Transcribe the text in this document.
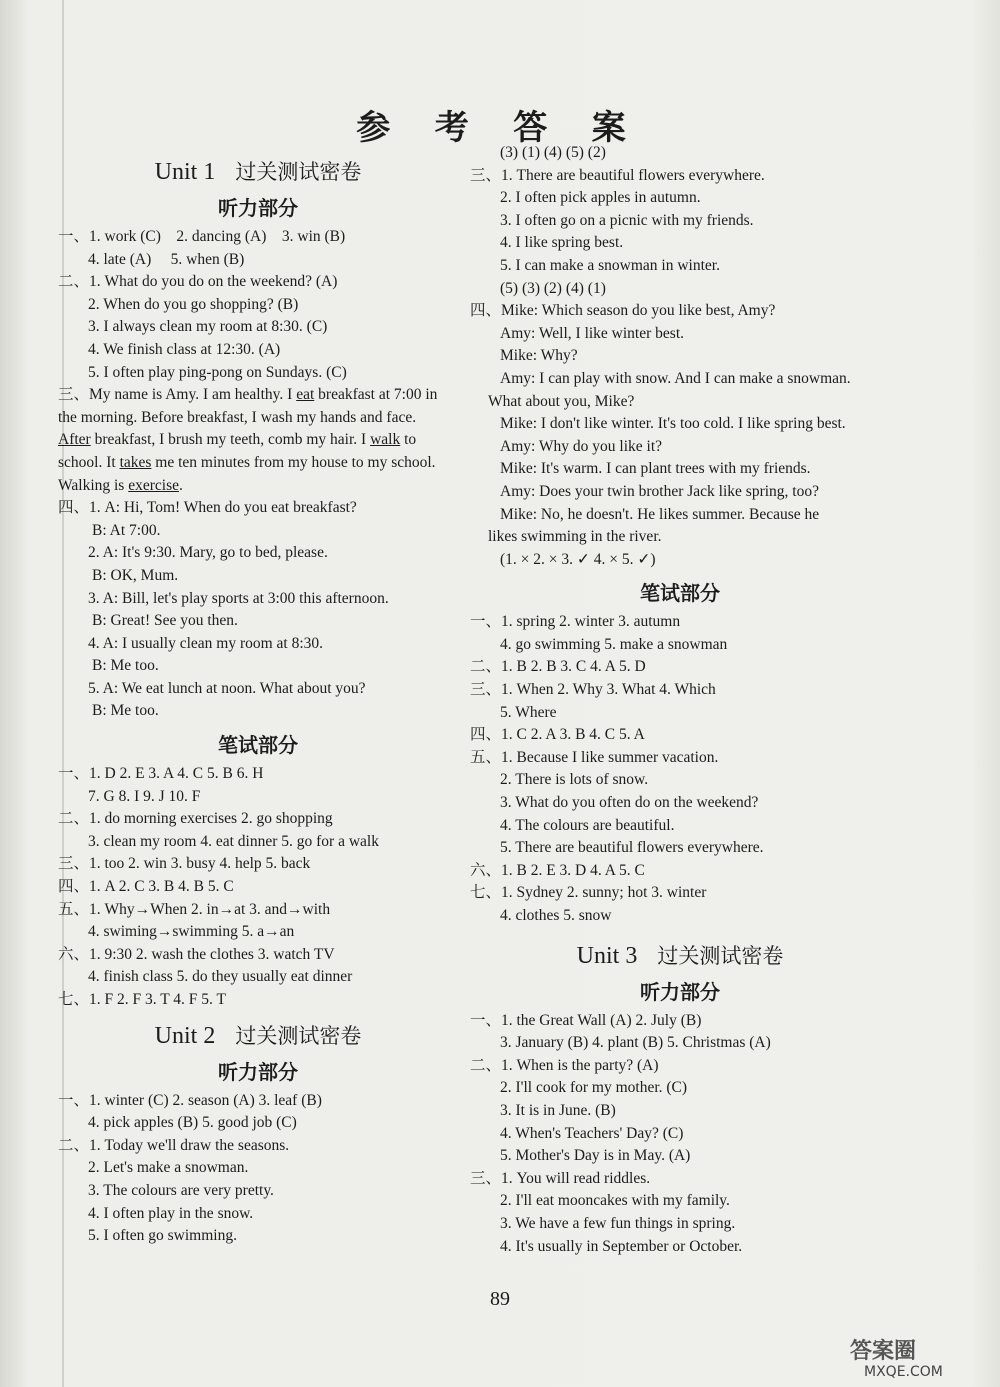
参 考 答 案
Unit 1 过关测试密卷
听力部分
一、1. work (C) 2. dancing (A) 3. win (B)
4. late (A) 5. when (B)
二、1. What do you do on the weekend? (A)
2. When do you go shopping? (B)
3. I always clean my room at 8:30. (C)
4. We finish class at 12:30. (A)
5. I often play ping-pong on Sundays. (C)
三、My name is Amy. I am healthy. I eat breakfast at 7:00 in
the morning. Before breakfast, I wash my hands and face.
After breakfast, I brush my teeth, comb my hair. I walk to
school. It takes me ten minutes from my house to my school.
Walking is exercise.
四、1. A: Hi, Tom! When do you eat breakfast?
B: At 7:00.
2. A: It's 9:30. Mary, go to bed, please.
B: OK, Mum.
3. A: Bill, let's play sports at 3:00 this afternoon.
B: Great! See you then.
4. A: I usually clean my room at 8:30.
B: Me too.
5. A: We eat lunch at noon. What about you?
B: Me too.
笔试部分
一、1. D 2. E 3. A 4. C 5. B 6. H
7. G 8. I 9. J 10. F
二、1. do morning exercises 2. go shopping
3. clean my room 4. eat dinner 5. go for a walk
三、1. too 2. win 3. busy 4. help 5. back
四、1. A 2. C 3. B 4. B 5. C
五、1. Why→When 2. in→at 3. and→with
4. swiming→swimming 5. a→an
六、1. 9:30 2. wash the clothes 3. watch TV
4. finish class 5. do they usually eat dinner
七、1. F 2. F 3. T 4. F 5. T
Unit 2 过关测试密卷
听力部分
一、1. winter (C) 2. season (A) 3. leaf (B)
4. pick apples (B) 5. good job (C)
二、1. Today we'll draw the seasons.
2. Let's make a snowman.
3. The colours are very pretty.
4. I often play in the snow.
5. I often go swimming.
(3) (1) (4) (5) (2)
三、1. There are beautiful flowers everywhere.
2. I often pick apples in autumn.
3. I often go on a picnic with my friends.
4. I like spring best.
5. I can make a snowman in winter.
(5) (3) (2) (4) (1)
四、Mike: Which season do you like best, Amy?
Amy: Well, I like winter best.
Mike: Why?
Amy: I can play with snow. And I can make a snowman.
What about you, Mike?
Mike: I don't like winter. It's too cold. I like spring best.
Amy: Why do you like it?
Mike: It's warm. I can plant trees with my friends.
Amy: Does your twin brother Jack like spring, too?
Mike: No, he doesn't. He likes summer. Because he
likes swimming in the river.
(1. × 2. × 3. ✓ 4. × 5. ✓)
笔试部分
一、1. spring 2. winter 3. autumn
4. go swimming 5. make a snowman
二、1. B 2. B 3. C 4. A 5. D
三、1. When 2. Why 3. What 4. Which
5. Where
四、1. C 2. A 3. B 4. C 5. A
五、1. Because I like summer vacation.
2. There is lots of snow.
3. What do you often do on the weekend?
4. The colours are beautiful.
5. There are beautiful flowers everywhere.
六、1. B 2. E 3. D 4. A 5. C
七、1. Sydney 2. sunny; hot 3. winter
4. clothes 5. snow
Unit 3 过关测试密卷
听力部分
一、1. the Great Wall (A) 2. July (B)
3. January (B) 4. plant (B) 5. Christmas (A)
二、1. When is the party? (A)
2. I'll cook for my mother. (C)
3. It is in June. (B)
4. When's Teachers' Day? (C)
5. Mother's Day is in May. (A)
三、1. You will read riddles.
2. I'll eat mooncakes with my family.
3. We have a few fun things in spring.
4. It's usually in September or October.
89
答案圈
MXQE.COM
